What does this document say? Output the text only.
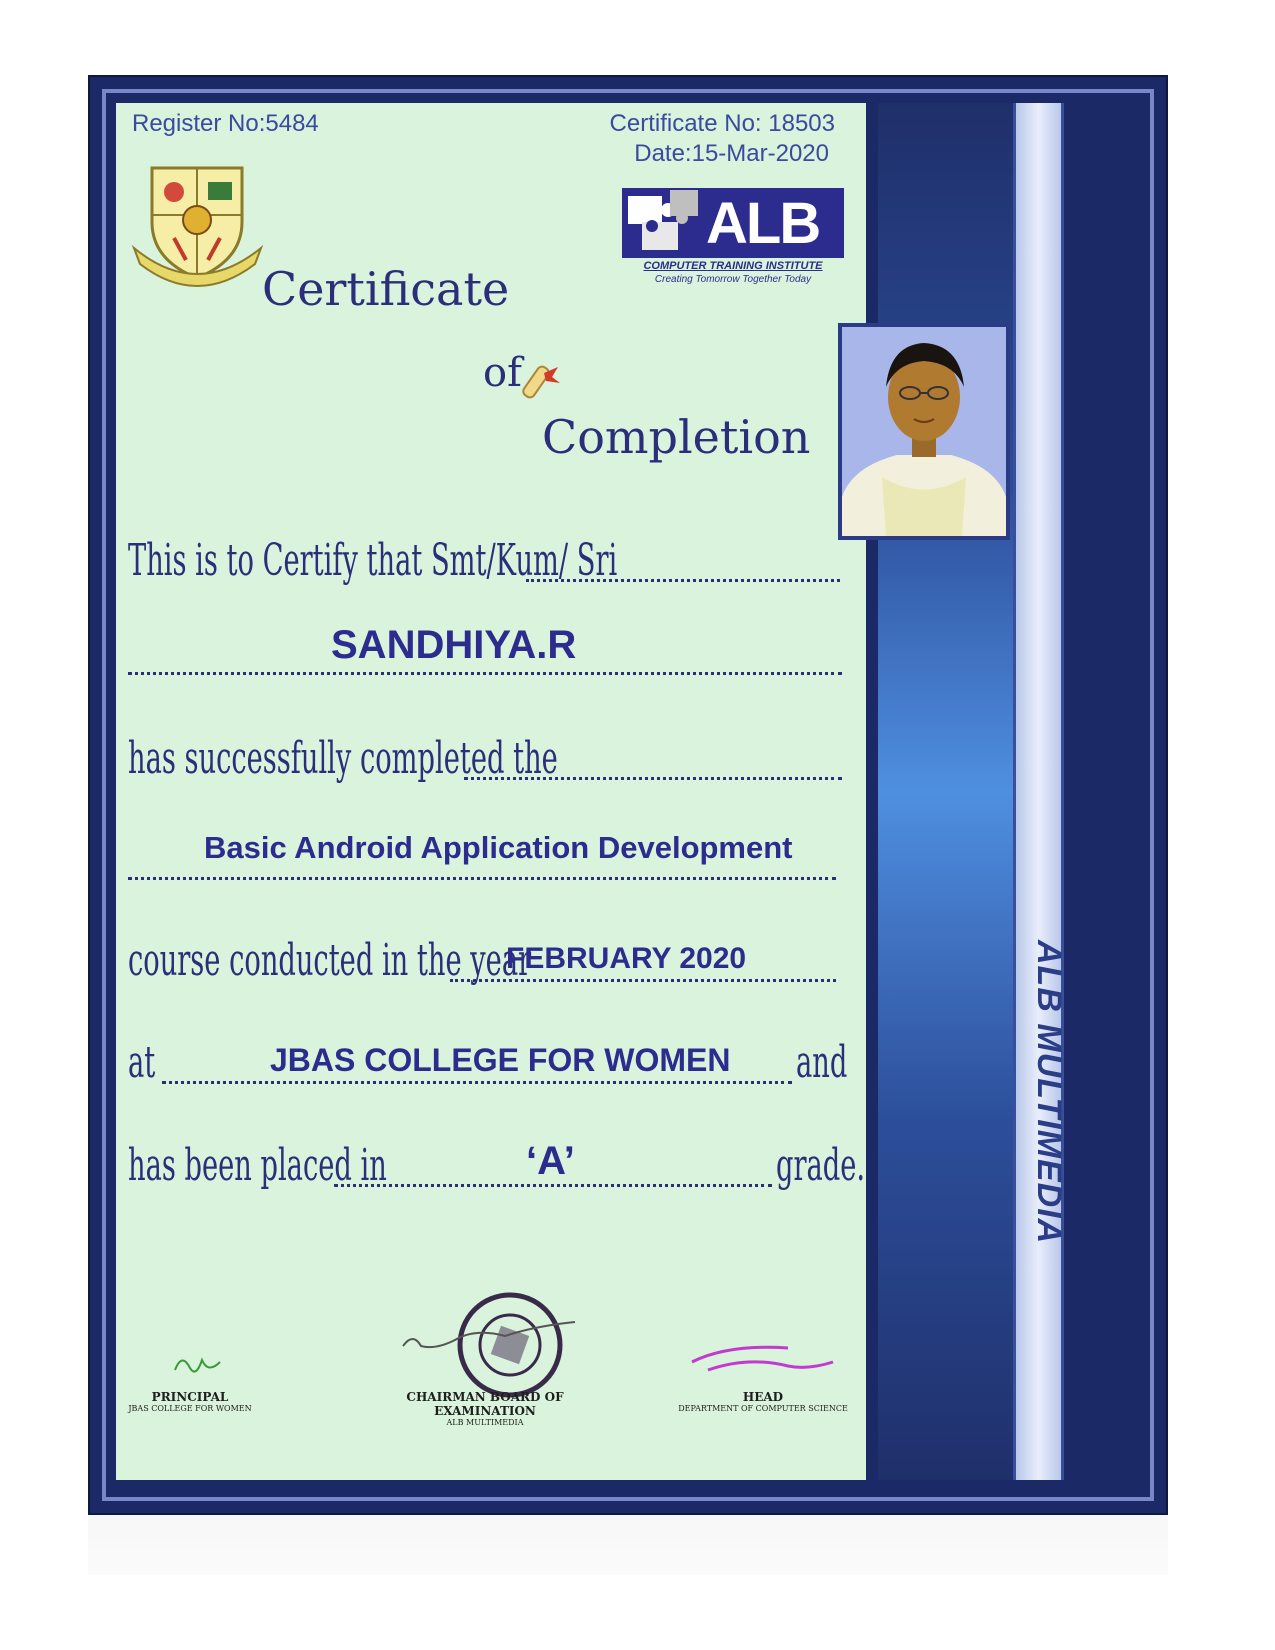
ALB MULTIMEDIA
Register No:5484	Certificate No: 18503
Date:15-Mar-2020
ALB
COMPUTER TRAINING INSTITUTE
Creating Tomorrow Together Today
Certificate
of
Completion
This is to Certify that Smt/Kum/ Sri
SANDHIYA.R
has successfully completed the
Basic Android Application Development
course conducted in the year
FEBRUARY 2020
at	JBAS COLLEGE FOR WOMEN and
has been placed in	‘A’	grade.
PRINCIPAL
JBAS COLLEGE FOR WOMEN
CHAIRMAN BOARD OF EXAMINATION
ALB MULTIMEDIA
HEAD
DEPARTMENT OF COMPUTER SCIENCE
